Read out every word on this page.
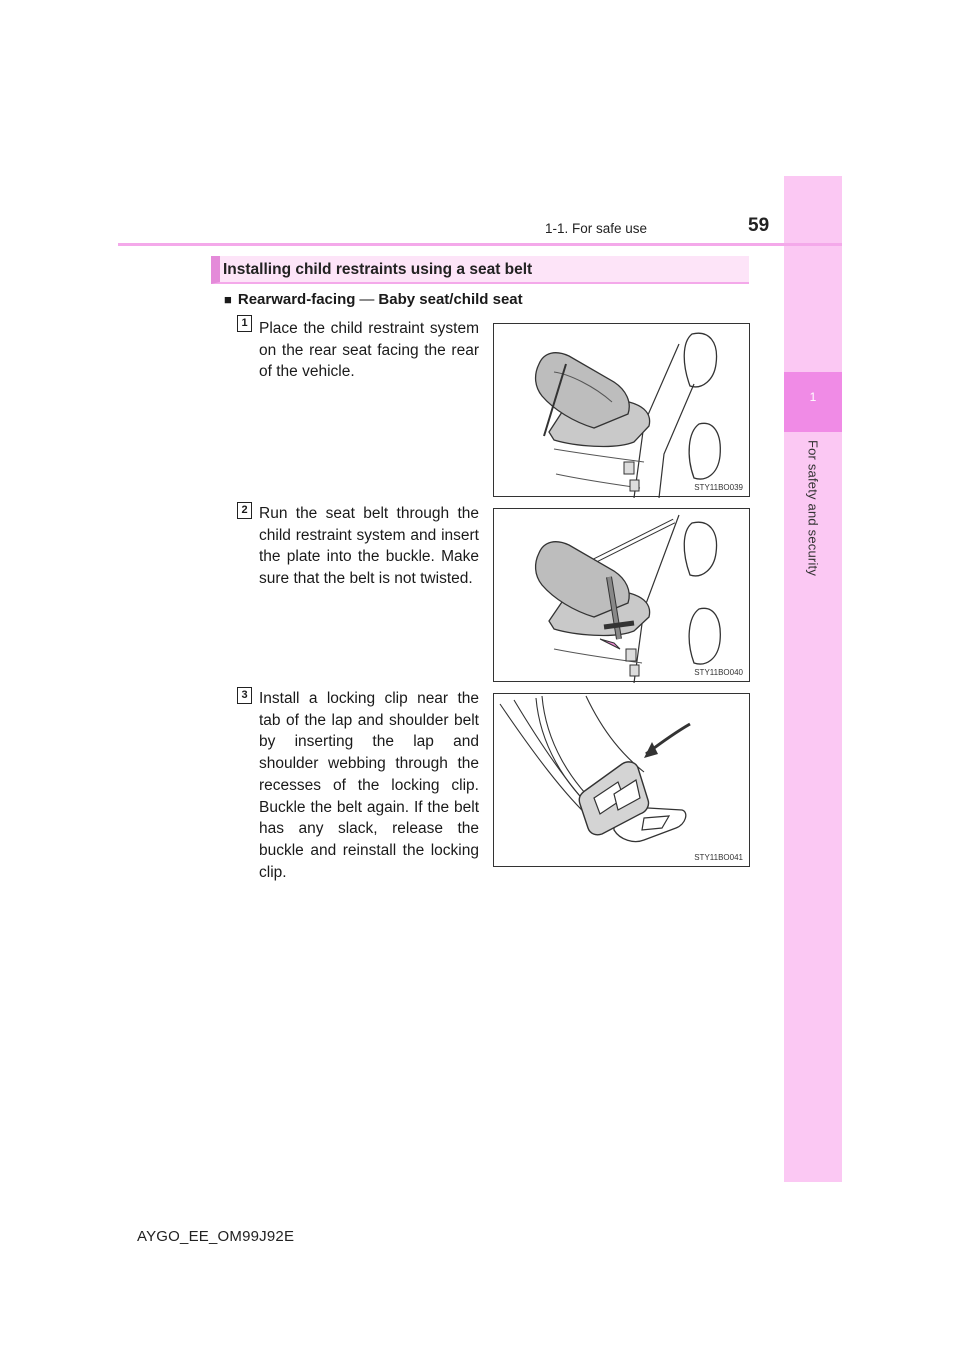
1
For safety and security
1-1. For safe use	59
Installing child restraints using a seat belt
■ Rearward-facing — Baby seat/child seat
1 Place the child restraint system on the rear seat facing the rear of the vehicle.
STY11BO039
2 Run the seat belt through the child restraint system and insert the plate into the buckle. Make sure that the belt is not twisted.
STY11BO040
3 Install a locking clip near the tab of the lap and shoulder belt by inserting the lap and shoulder webbing through the recesses of the locking clip. Buckle the belt again. If the belt has any slack, release the buckle and reinstall the locking clip.
STY11BO041
AYGO_EE_OM99J92E
